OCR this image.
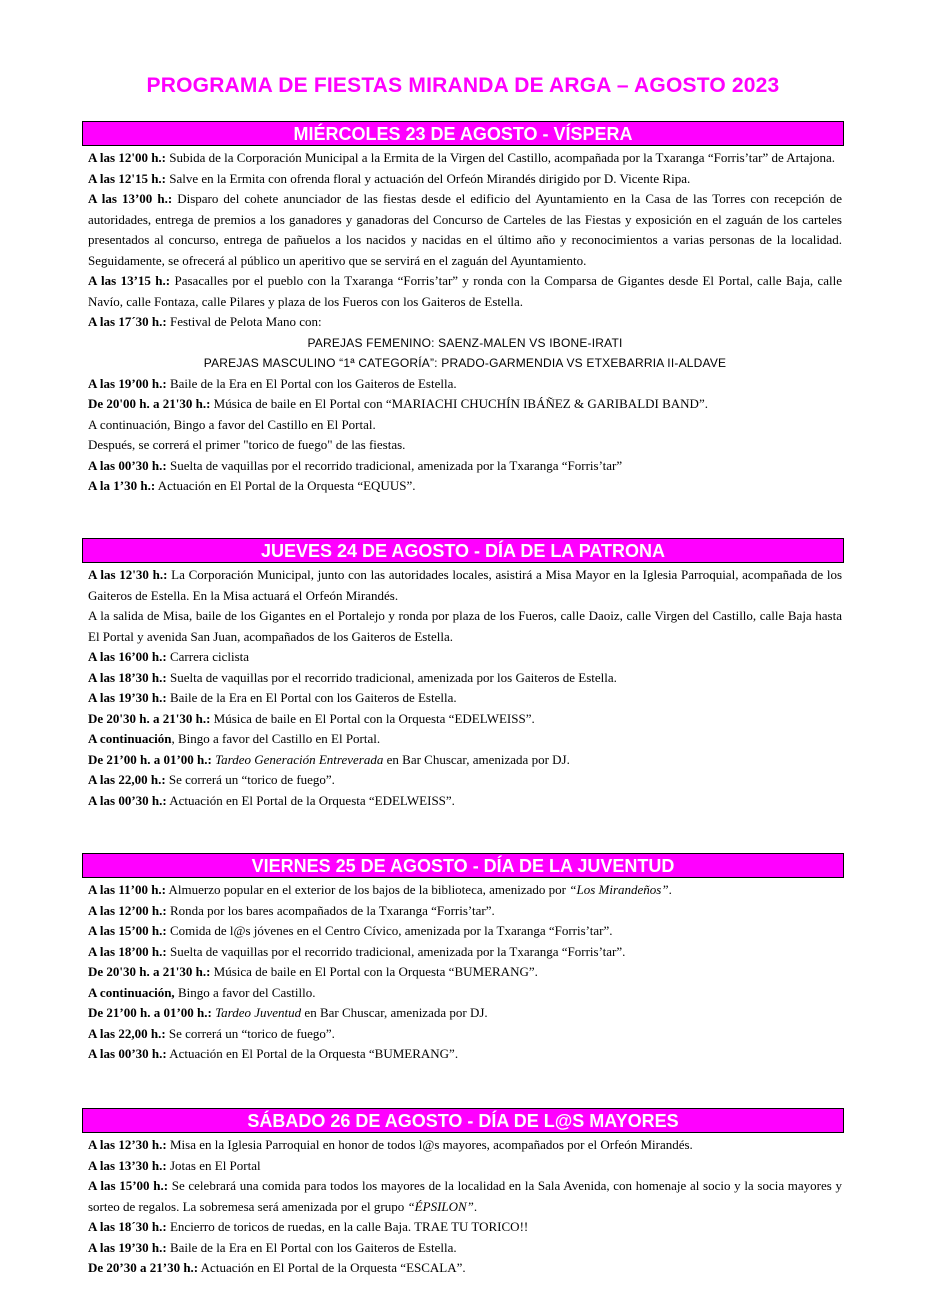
PROGRAMA DE FIESTAS MIRANDA DE ARGA – AGOSTO 2023
MIÉRCOLES 23 DE AGOSTO - VÍSPERA
A las 12'00 h.: Subida de la Corporación Municipal a la Ermita de la Virgen del Castillo, acompañada por la Txaranga “Forris’tar” de Artajona.
A las 12'15 h.: Salve en la Ermita con ofrenda floral y actuación del Orfeón Mirandés dirigido por D. Vicente Ripa.
A las 13’00 h.: Disparo del cohete anunciador de las fiestas desde el edificio del Ayuntamiento en la Casa de las Torres con recepción de autoridades, entrega de premios a los ganadores y ganadoras del Concurso de Carteles de las Fiestas y exposición en el zaguán de los carteles presentados al concurso, entrega de pañuelos a los nacidos y nacidas en el último año y reconocimientos a varias personas de la localidad. Seguidamente, se ofrecerá al público un aperitivo que se servirá en el zaguán del Ayuntamiento.
A las 13’15 h.: Pasacalles por el pueblo con la Txaranga “Forris’tar” y ronda con la Comparsa de Gigantes desde El Portal, calle Baja, calle Navío, calle Fontaza, calle Pilares y plaza de los Fueros con los Gaiteros de Estella.
A las 17´30 h.: Festival de Pelota Mano con:
PAREJAS FEMENINO: SAENZ-MALEN VS IBONE-IRATI
PAREJAS MASCULINO “1ª CATEGORÍA”: PRADO-GARMENDIA VS ETXEBARRIA II-ALDAVE
A las 19’00 h.: Baile de la Era en El Portal con los Gaiteros de Estella.
De 20'00 h. a 21'30 h.: Música de baile en El Portal con “MARIACHI CHUCHÍN IBÁÑEZ & GARIBALDI BAND”.
A continuación, Bingo a favor del Castillo en El Portal.
Después, se correrá el primer "torico de fuego" de las fiestas.
A las 00’30 h.: Suelta de vaquillas por el recorrido tradicional, amenizada por la Txaranga “Forris’tar”
A la 1’30 h.: Actuación en El Portal de la Orquesta “EQUUS”.
JUEVES 24 DE AGOSTO - DÍA DE LA PATRONA
A las 12'30 h.: La Corporación Municipal, junto con las autoridades locales, asistirá a Misa Mayor en la Iglesia Parroquial, acompañada de los Gaiteros de Estella. En la Misa actuará el Orfeón Mirandés.
A la salida de Misa, baile de los Gigantes en el Portalejo y ronda por plaza de los Fueros, calle Daoiz, calle Virgen del Castillo, calle Baja hasta El Portal y avenida San Juan, acompañados de los Gaiteros de Estella.
A las 16’00 h.: Carrera ciclista
A las 18’30 h.: Suelta de vaquillas por el recorrido tradicional, amenizada por los Gaiteros de Estella.
A las 19’30 h.: Baile de la Era en El Portal con los Gaiteros de Estella.
De 20'30 h. a 21'30 h.: Música de baile en El Portal con la Orquesta “EDELWEISS”.
A continuación, Bingo a favor del Castillo en El Portal.
De 21’00 h. a 01’00 h.: Tardeo Generación Entreverada en Bar Chuscar, amenizada por DJ.
A las 22,00 h.: Se correrá un “torico de fuego”.
A las 00’30 h.: Actuación en El Portal de la Orquesta “EDELWEISS”.
VIERNES 25 DE AGOSTO - DÍA DE LA JUVENTUD
A las 11’00 h.: Almuerzo popular en el exterior de los bajos de la biblioteca, amenizado por “Los Mirandeños”.
A las 12’00 h.: Ronda por los bares acompañados de la Txaranga “Forris’tar”.
A las 15’00 h.: Comida de l@s jóvenes en el Centro Cívico, amenizada por la Txaranga “Forris’tar”.
A las 18’00 h.: Suelta de vaquillas por el recorrido tradicional, amenizada por la Txaranga “Forris’tar”.
De 20'30 h. a 21'30 h.: Música de baile en El Portal con la Orquesta “BUMERANG”.
A continuación, Bingo a favor del Castillo.
De 21’00 h. a 01’00 h.: Tardeo Juventud en Bar Chuscar, amenizada por DJ.
A las 22,00 h.: Se correrá un “torico de fuego”.
A las 00’30 h.: Actuación en El Portal de la Orquesta “BUMERANG”.
SÁBADO 26 DE AGOSTO - DÍA DE L@S MAYORES
A las 12’30 h.: Misa en la Iglesia Parroquial en honor de todos l@s mayores, acompañados por el Orfeón Mirandés.
A las 13’30 h.: Jotas en El Portal
A las 15’00 h.: Se celebrará una comida para todos los mayores de la localidad en la Sala Avenida, con homenaje al socio y la socia mayores y sorteo de regalos. La sobremesa será amenizada por el grupo “ÉPSILON”.
A las 18´30 h.: Encierro de toricos de ruedas, en la calle Baja. TRAE TU TORICO!!
A las 19’30 h.: Baile de la Era en El Portal con los Gaiteros de Estella.
De 20’30 a 21’30 h.: Actuación en El Portal de la Orquesta “ESCALA”.
